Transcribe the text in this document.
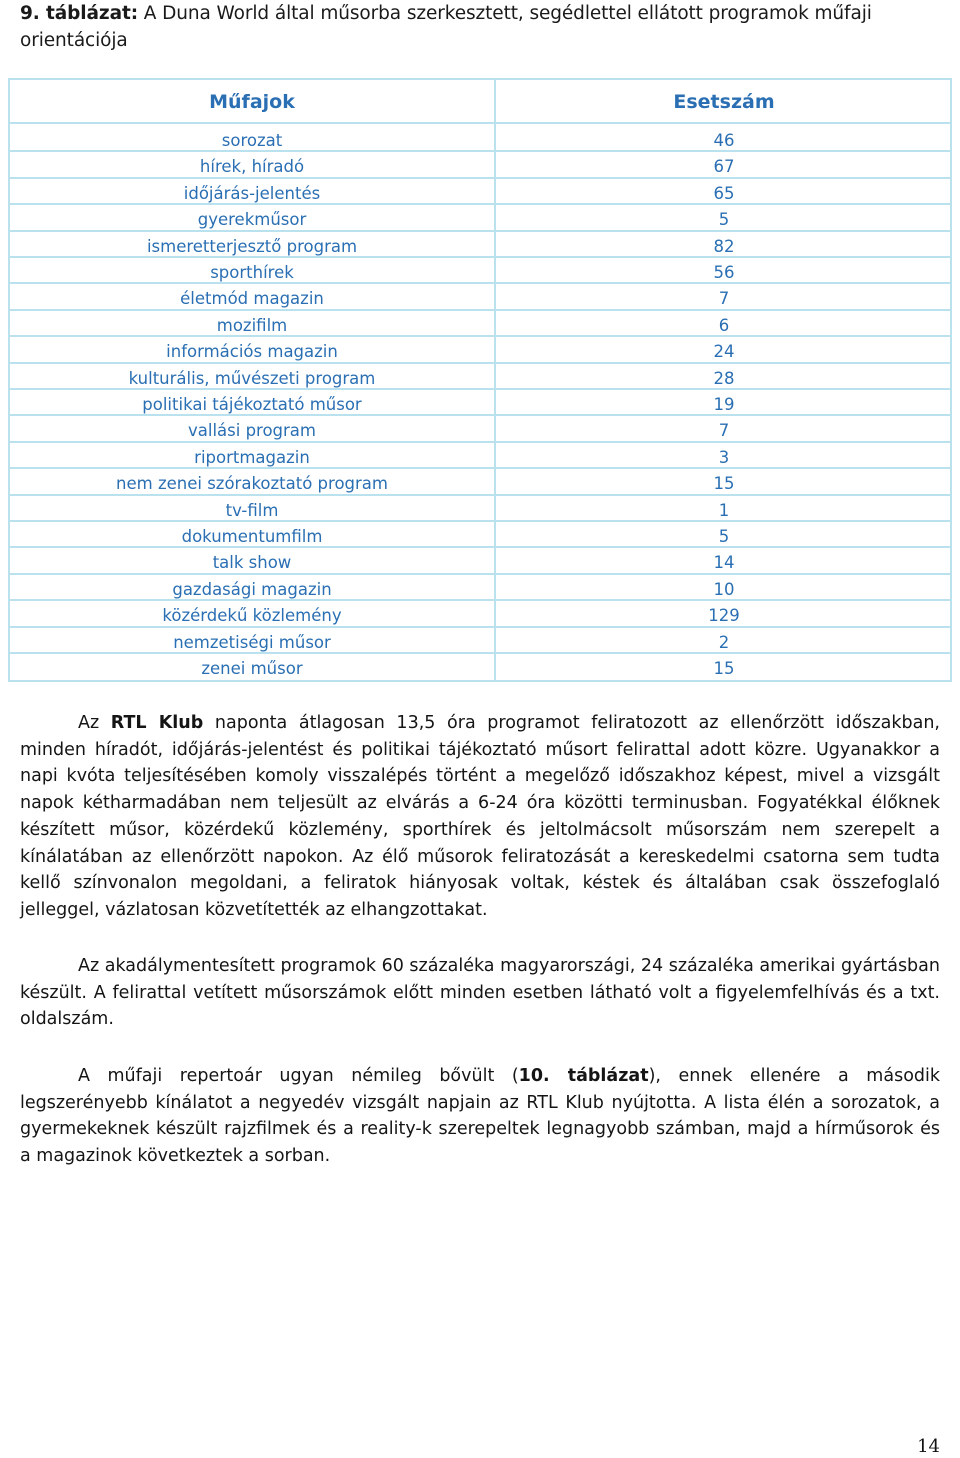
9. táblázat: A Duna World által műsorba szerkesztett, segédlettel ellátott programok műfaji orientációja
Műfajok	Esetszám
sorozat	46
hírek, híradó	67
időjárás-jelentés	65
gyerekműsor	5
ismeretterjesztő program	82
sporthírek	56
életmód magazin	7
mozifilm	6
információs magazin	24
kulturális, művészeti program	28
politikai tájékoztató műsor	19
vallási program	7
riportmagazin	3
nem zenei szórakoztató program	15
tv-film	1
dokumentumfilm	5
talk show	14
gazdasági magazin	10
közérdekű közlemény	129
nemzetiségi műsor	2
zenei műsor	15

Az RTL Klub naponta átlagosan 13,5 óra programot feliratozott az ellenőrzött időszakban, minden híradót, időjárás-jelentést és politikai tájékoztató műsort felirattal adott közre. Ugyanakkor a napi kvóta teljesítésében komoly visszalépés történt a megelőző időszakhoz képest, mivel a vizsgált napok kétharmadában nem teljesült az elvárás a 6-24 óra közötti terminusban. Fogyatékkal élőknek készített műsor, közérdekű közlemény, sporthírek és jeltolmácsolt műsorszám nem szerepelt a kínálatában az ellenőrzött napokon. Az élő műsorok feliratozását a kereskedelmi csatorna sem tudta kellő színvonalon megoldani, a feliratok hiányosak voltak, késtek és általában csak összefoglaló jelleggel, vázlatosan közvetítették az elhangzottakat.

Az akadálymentesített programok 60 százaléka magyarországi, 24 százaléka amerikai gyártásban készült. A felirattal vetített műsorszámok előtt minden esetben látható volt a figyelemfelhívás és a txt. oldalszám.

A műfaji repertoár ugyan némileg bővült (10. táblázat), ennek ellenére a második legszerényebb kínálatot a negyedév vizsgált napjain az RTL Klub nyújtotta. A lista élén a sorozatok, a gyermekeknek készült rajzfilmek és a reality-k szerepeltek legnagyobb számban, majd a hírműsorok és a magazinok következtek a sorban.

14
